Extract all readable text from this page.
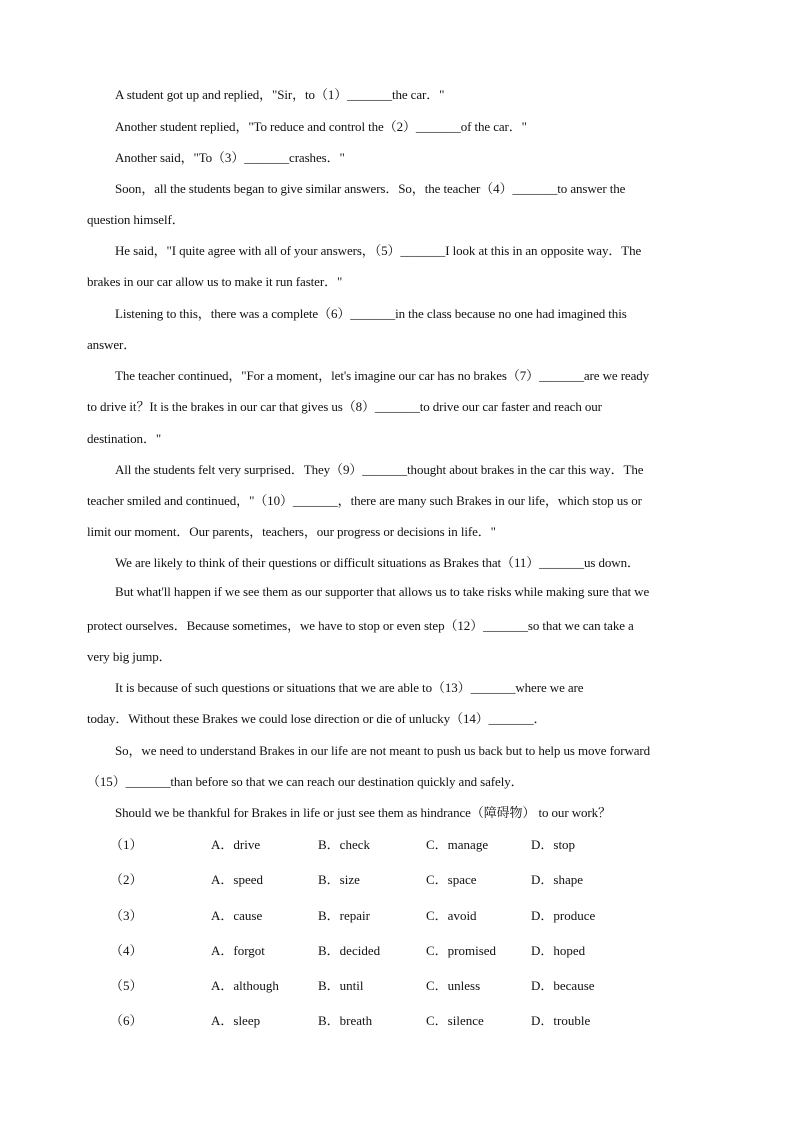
A student got up and replied，"Sir，to（1）_______the car．"
Another student replied，"To reduce and control the（2）_______of the car．"
Another said，"To（3）_______crashes．"
Soon，all the students began to give similar answers．So，the teacher（4）_______to answer the
question himself．
He said，"I quite agree with all of your answers，（5）_______I look at this in an opposite way．The
brakes in our car allow us to make it run faster．"
Listening to this，there was a complete（6）_______in the class because no one had imagined this
answer．
The teacher continued，"For a moment，let's imagine our car has no brakes（7）_______are we ready
to drive it？It is the brakes in our car that gives us（8）_______to drive our car faster and reach our
destination．"
All the students felt very surprised．They（9）_______thought about brakes in the car this way．The
teacher smiled and continued，"（10）_______，there are many such Brakes in our life，which stop us or
limit our moment．Our parents，teachers，our progress or decisions in life．"
We are likely to think of their questions or difficult situations as Brakes that（11）_______us down．
But what'll happen if we see them as our supporter that allows us to take risks while making sure that we
protect ourselves．Because sometimes，we have to stop or even step（12）_______so that we can take a
very big jump．
It is because of such questions or situations that we are able to（13）_______where we are
today．Without these Brakes we could lose direction or die of unlucky（14）_______．
So，we need to understand Brakes in our life are not meant to push us back but to help us move forward
（15）_______than before so that we can reach our destination quickly and safely．
Should we be thankful for Brakes in life or just see them as hindrance（障碍物） to our work？
（1）	A．drive	B．check	C．manage	D．stop
（2）	A．speed	B．size	C．space	D．shape
（3）	A．cause	B．repair	C．avoid	D．produce
（4）	A．forgot	B．decided	C．promised	D．hoped
（5）	A．although	B．until	C．unless	D．because
（6）	A．sleep	B．breath	C．silence	D．trouble
